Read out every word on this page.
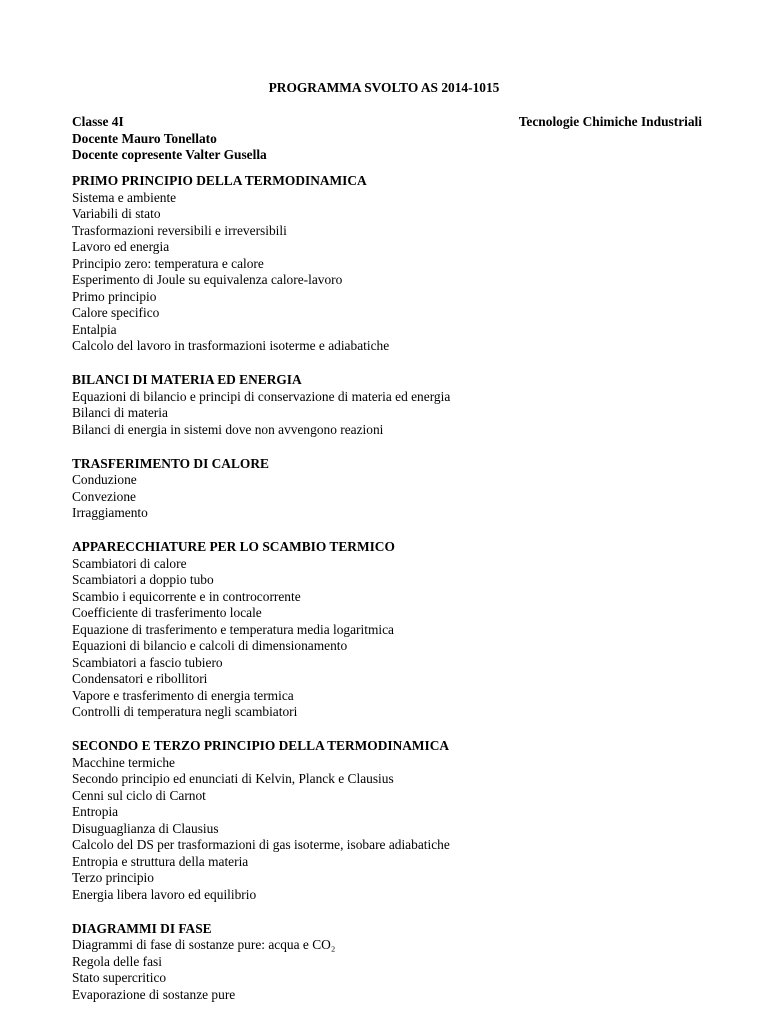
PROGRAMMA SVOLTO AS 2014-1015
Classe 4I
Docente Mauro Tonellato
Docente copresente Valter Gusella
Tecnologie Chimiche Industriali
PRIMO PRINCIPIO DELLA TERMODINAMICA
Sistema e ambiente
Variabili di stato
Trasformazioni reversibili e irreversibili
Lavoro ed energia
Principio zero: temperatura e calore
Esperimento di Joule su equivalenza calore-lavoro
Primo principio
Calore specifico
Entalpia
Calcolo del lavoro in trasformazioni isoterme e adiabatiche
BILANCI DI MATERIA ED ENERGIA
Equazioni di bilancio e principi di conservazione di materia ed energia
Bilanci di materia
Bilanci di energia in sistemi dove non avvengono reazioni
TRASFERIMENTO DI CALORE
Conduzione
Convezione
Irraggiamento
APPARECCHIATURE PER LO SCAMBIO TERMICO
Scambiatori di calore
Scambiatori a doppio tubo
Scambio i equicorrente e in controcorrente
Coefficiente di trasferimento locale
Equazione di trasferimento e temperatura media logaritmica
Equazioni di bilancio e calcoli di dimensionamento
Scambiatori a fascio tubiero
Condensatori e ribollitori
Vapore e trasferimento di energia termica
Controlli di temperatura negli scambiatori
SECONDO E TERZO PRINCIPIO DELLA TERMODINAMICA
Macchine termiche
Secondo principio ed enunciati di Kelvin, Planck e Clausius
Cenni sul ciclo di Carnot
Entropia
Disuguaglianza di Clausius
Calcolo del DS per trasformazioni di gas isoterme, isobare adiabatiche
Entropia e struttura della materia
Terzo principio
Energia libera lavoro ed equilibrio
DIAGRAMMI DI FASE
Diagrammi di fase di sostanze pure: acqua e CO₂
Regola delle fasi
Stato supercritico
Evaporazione di sostanze pure
